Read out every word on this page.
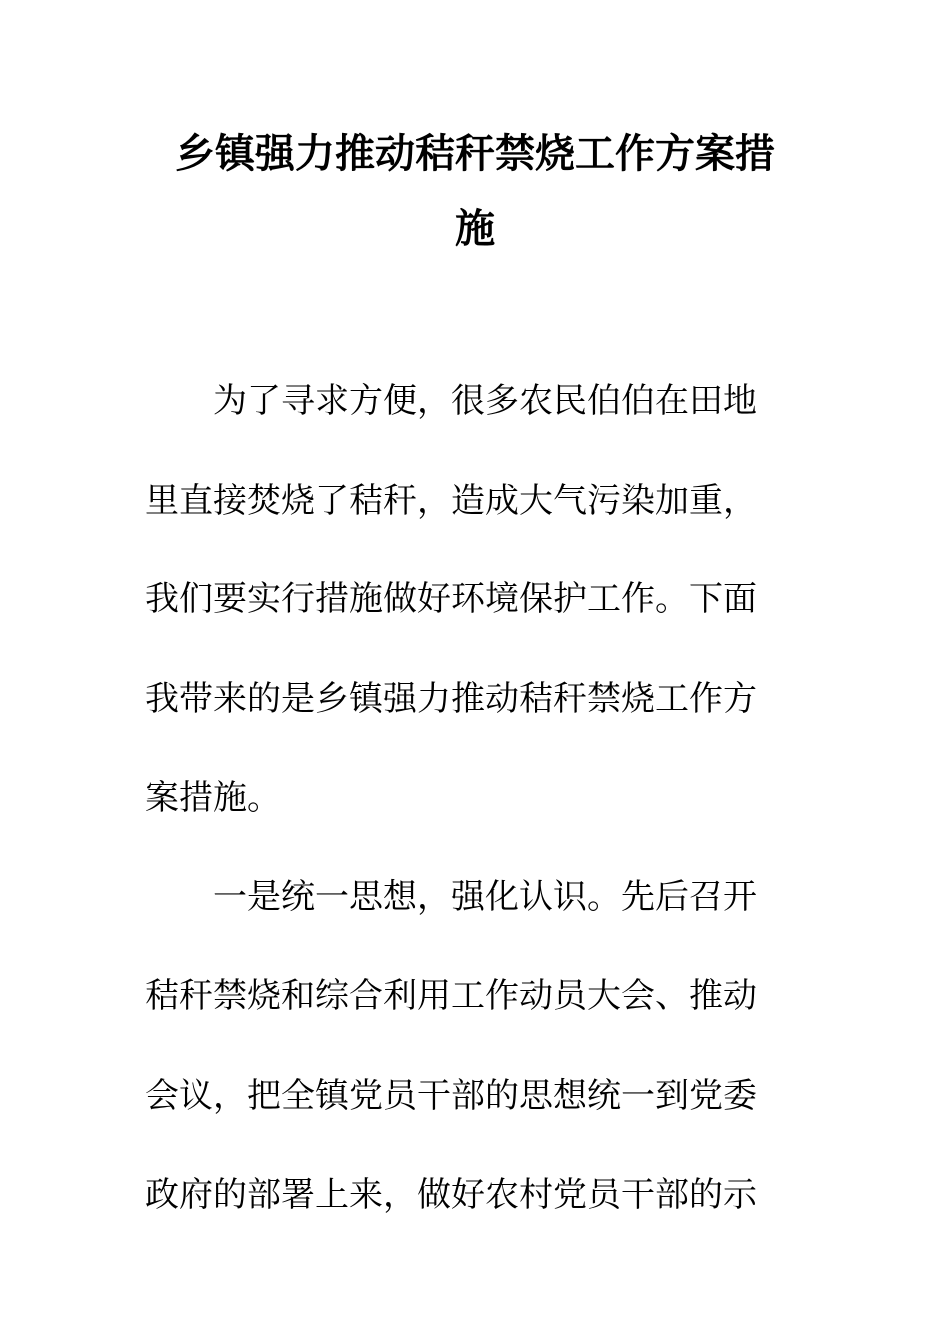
乡镇强力推动秸秆禁烧工作方案措
施
为了寻求方便，很多农民伯伯在田地
里直接焚烧了秸秆，造成大气污染加重，
我们要实行措施做好环境保护工作。下面
我带来的是乡镇强力推动秸秆禁烧工作方
案措施。
一是统一思想，强化认识。先后召开
秸秆禁烧和综合利用工作动员大会、推动
会议，把全镇党员干部的思想统一到党委
政府的部署上来，做好农村党员干部的示
